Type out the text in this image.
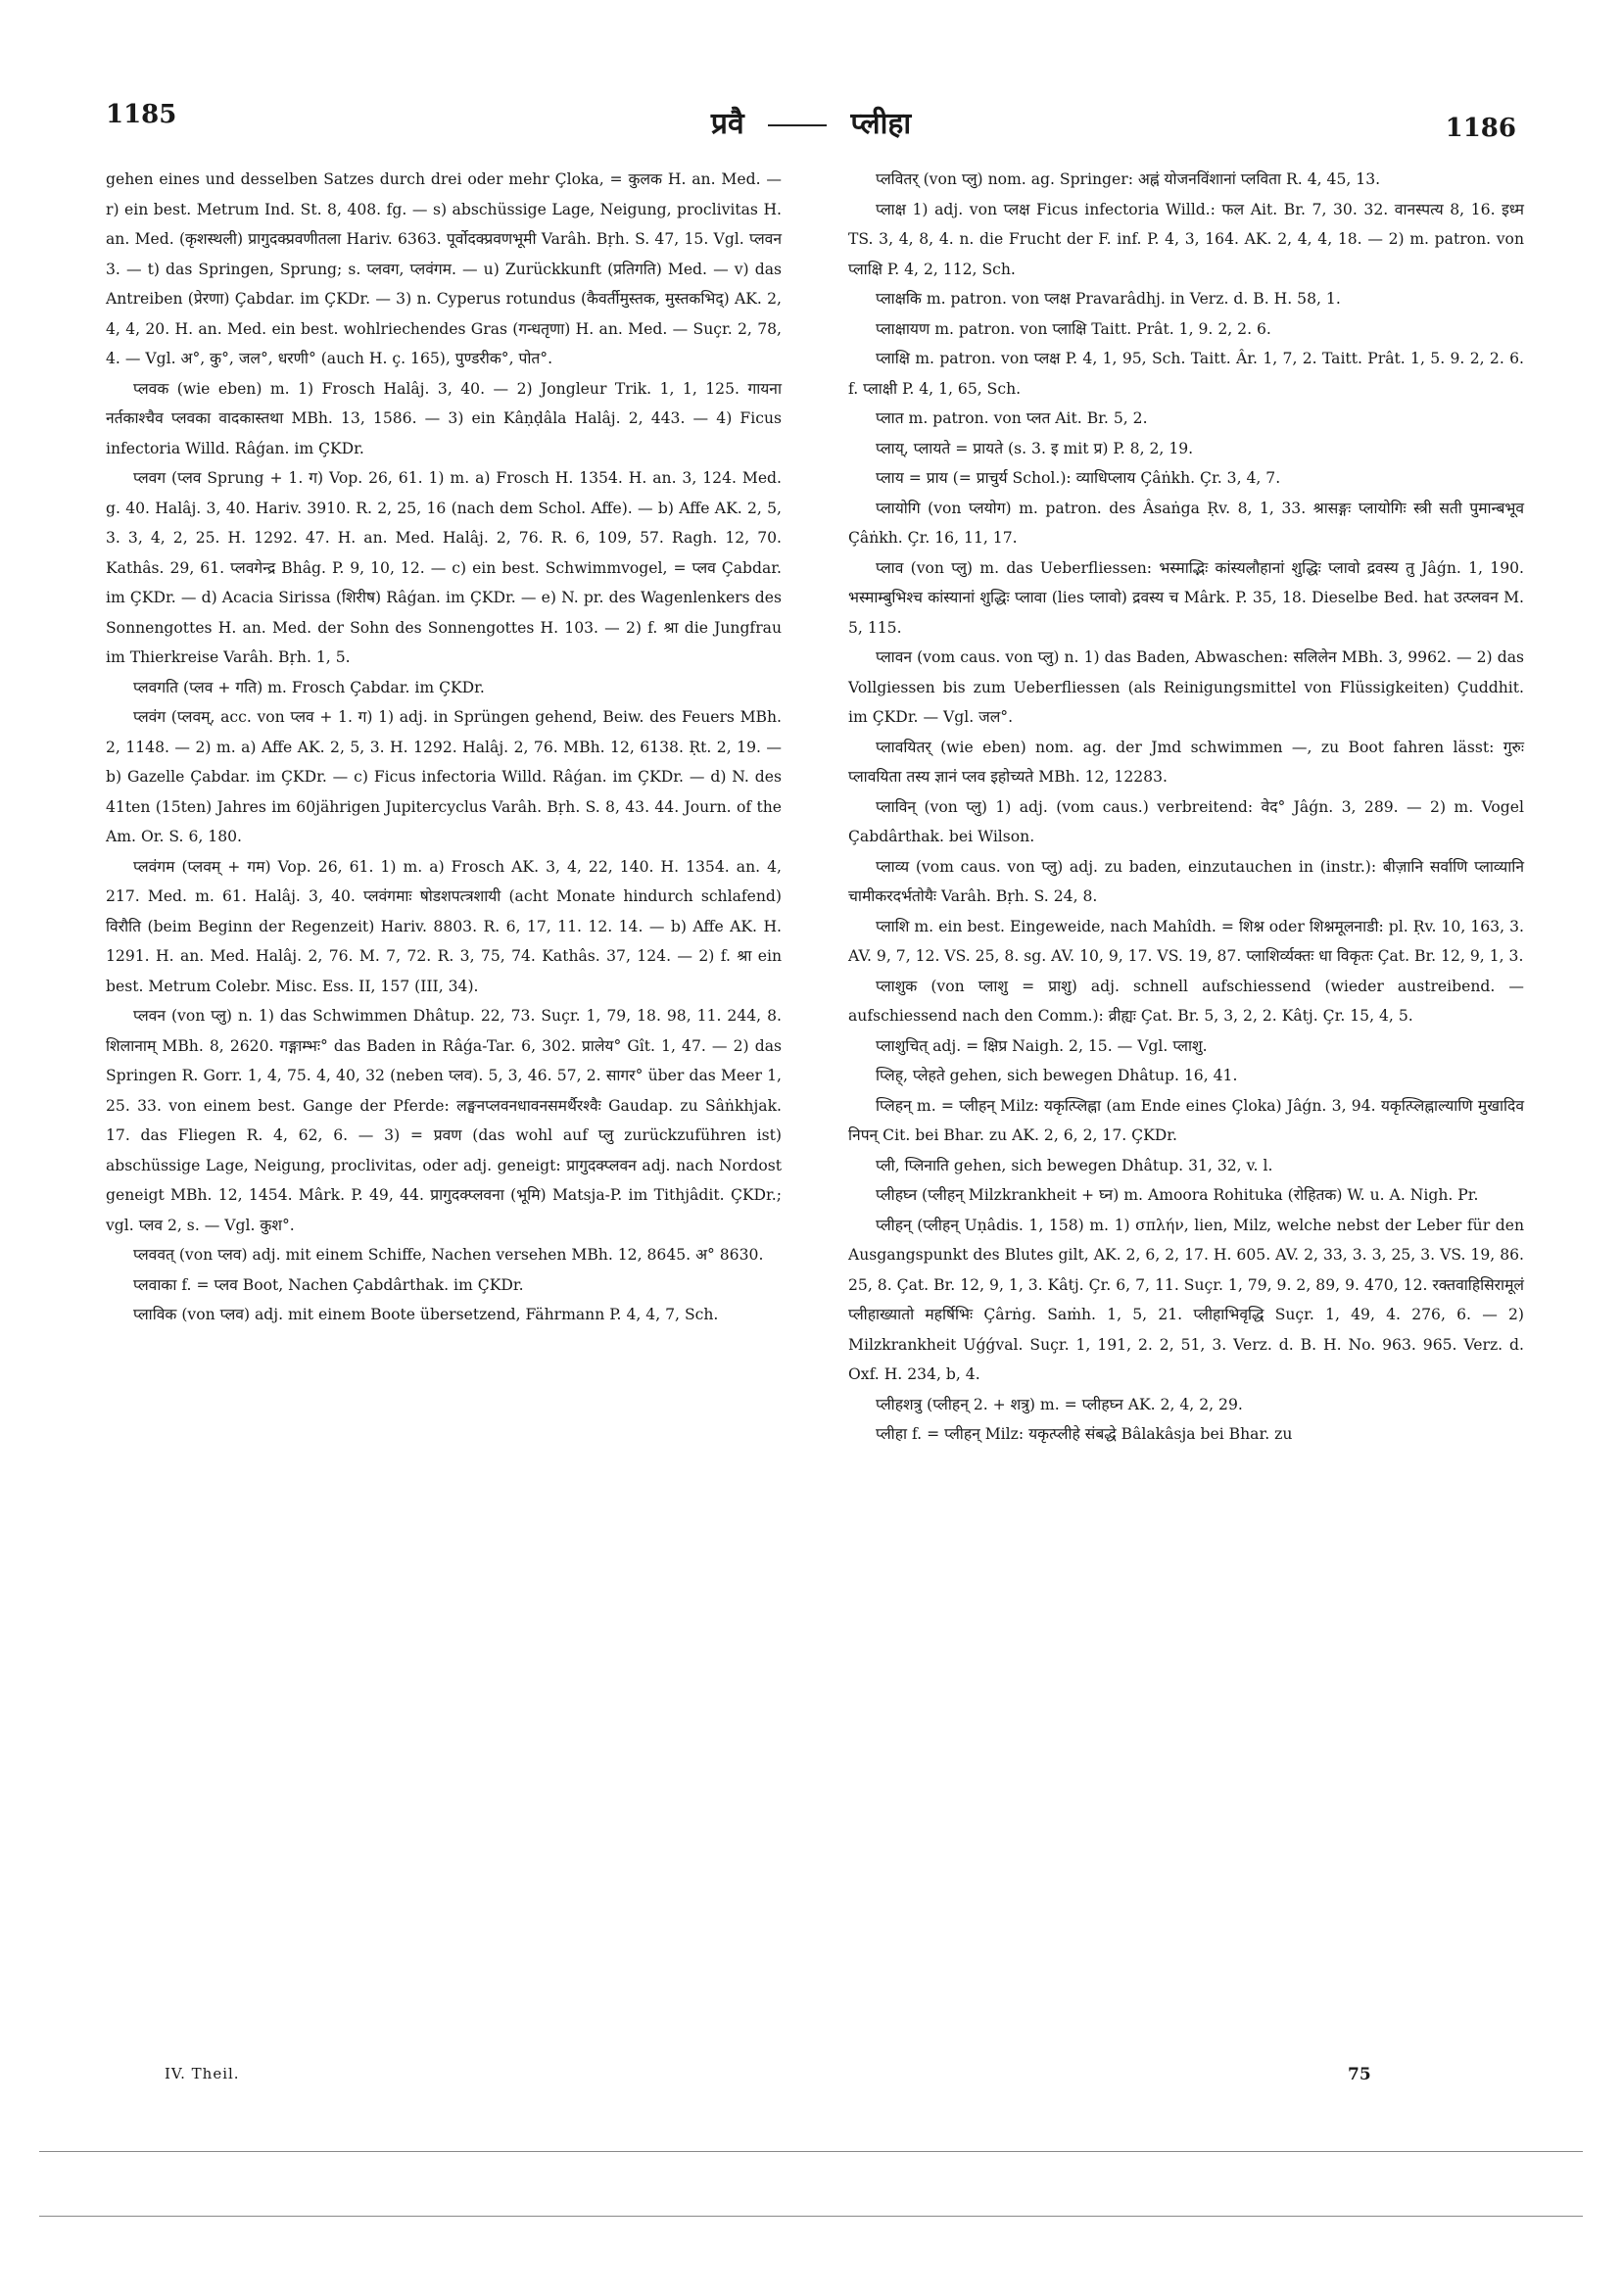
1185	प्रवै	प्लीहा	1186

gehen eines und desselben Satzes durch drei oder mehr Çloka, = कुलक H. an. Med. — r) ein best. Metrum Ind. St. 8, 408. fg. — s) abschüssige Lage, Neigung, proclivitas H. an. Med. (कृशस्थली) प्रागुदक्प्रवणीतला Hariv. 6363. पूर्वोदक्प्रवणभूमी Varâh. Bṛh. S. 47, 15. Vgl. प्लवन 3. — t) das Springen, Sprung; s. प्लवग, प्लवंगम. — u) Zurückkunft (प्रतिगति) Med. — v) das Antreiben (प्रेरणा) Çabdar. im ÇKDr. — 3) n. Cyperus rotundus (कैवर्तीमुस्तक, मुस्तकभिद्) AK. 2, 4, 4, 20. H. an. Med. ein best. wohlriechendes Gras (गन्धतृणा) H. an. Med. — Suçr. 2, 78, 4. — Vgl. अ°, कु°, जल°, धरणी° (auch H. ç. 165), पुण्डरीक°, पोत°.

प्लवक (wie eben) m. 1) Frosch Halâj. 3, 40. — 2) Jongleur Trik. 1, 1, 125. गायना नर्तकाश्चैव प्लवका वादकास्तथा MBh. 13, 1586. — 3) ein Kâṇḍâla Halâj. 2, 443. — 4) Ficus infectoria Willd. Râǵan. im ÇKDr.

प्लवग (प्लव Sprung + 1. ग) Vop. 26, 61. 1) m. a) Frosch H. 1354. H. an. 3, 124. Med. g. 40. Halâj. 3, 40. Hariv. 3910. R. 2, 25, 16 (nach dem Schol. Affe). — b) Affe AK. 2, 5, 3. 3, 4, 2, 25. H. 1292. 47. H. an. Med. Halâj. 2, 76. R. 6, 109, 57. Ragh. 12, 70. Kathâs. 29, 61. प्लवगेन्द्र Bhâg. P. 9, 10, 12. — c) ein best. Schwimmvogel, = प्लव Çabdar. im ÇKDr. — d) Acacia Sirissa (शिरीष) Râǵan. im ÇKDr. — e) N. pr. des Wagenlenkers des Sonnengottes H. an. Med. der Sohn des Sonnengottes H. 103. — 2) f. श्रा die Jungfrau im Thierkreise Varâh. Bṛh. 1, 5.

प्लवगति (प्लव + गति) m. Frosch Çabdar. im ÇKDr.

प्लवंग (प्लवम्, acc. von प्लव + 1. ग) 1) adj. in Sprüngen gehend, Beiw. des Feuers MBh. 2, 1148. — 2) m. a) Affe AK. 2, 5, 3. H. 1292. Halâj. 2, 76. MBh. 12, 6138. Ṛt. 2, 19. — b) Gazelle Çabdar. im ÇKDr. — c) Ficus infectoria Willd. Râǵan. im ÇKDr. — d) N. des 41ten (15ten) Jahres im 60jährigen Jupitercyclus Varâh. Bṛh. S. 8, 43. 44. Journ. of the Am. Or. S. 6, 180.

प्लवंगम (प्लवम् + गम) Vop. 26, 61. 1) m. a) Frosch AK. 3, 4, 22, 140. H. 1354. an. 4, 217. Med. m. 61. Halâj. 3, 40. प्लवंगमाः षोडशपत्त्रशायी (acht Monate hindurch schlafend) विरौति (beim Beginn der Regenzeit) Hariv. 8803. R. 6, 17, 11. 12. 14. — b) Affe AK. H. 1291. H. an. Med. Halâj. 2, 76. M. 7, 72. R. 3, 75, 74. Kathâs. 37, 124. — 2) f. श्रा ein best. Metrum Colebr. Misc. Ess. II, 157 (III, 34).

प्लवन (von प्लु) n. 1) das Schwimmen Dhâtup. 22, 73. Suçr. 1, 79, 18. 98, 11. 244, 8. शिलानाम् MBh. 8, 2620. गङ्गाम्भः° das Baden in Râǵa-Tar. 6, 302. प्रालेय° Gît. 1, 47. — 2) das Springen R. Gorr. 1, 4, 75. 4, 40, 32 (neben प्लव). 5, 3, 46. 57, 2. सागर° über das Meer 1, 25. 33. von einem best. Gange der Pferde: लङ्घनप्लवनधावनसमर्थैरश्वैः Gaudap. zu Sâṅkhjak. 17. das Fliegen R. 4, 62, 6. — 3) = प्रवण (das wohl auf प्लु zurückzuführen ist) abschüssige Lage, Neigung, proclivitas, oder adj. geneigt: प्रागुदक्प्लवन adj. nach Nordost geneigt MBh. 12, 1454. Mârk. P. 49, 44. प्रागुदक्प्लवना (भूमि) Matsja-P. im Tithjâdit. ÇKDr.; vgl. प्लव 2, s. — Vgl. कुश°.

प्लववत् (von प्लव) adj. mit einem Schiffe, Nachen versehen MBh. 12, 8645. अ° 8630.

प्लवाका f. = प्लव Boot, Nachen Çabdârthak. im ÇKDr.

प्लाविक (von प्लव) adj. mit einem Boote übersetzend, Fährmann P. 4, 4, 7, Sch.

प्लवितर् (von प्लु) nom. ag. Springer: अह्नं योजनविंशानां प्लविता R. 4, 45, 13.

प्लाक्ष 1) adj. von प्लक्ष Ficus infectoria Willd.: फल Ait. Br. 7, 30. 32. वानस्पत्य 8, 16. इध्म TS. 3, 4, 8, 4. n. die Frucht der F. inf. P. 4, 3, 164. AK. 2, 4, 4, 18. — 2) m. patron. von प्लाक्षि P. 4, 2, 112, Sch.

प्लाक्षकि m. patron. von प्लक्ष Pravarâdhj. in Verz. d. B. H. 58, 1.

प्लाक्षायण m. patron. von प्लाक्षि Taitt. Prât. 1, 9. 2, 2. 6.

प्लाक्षि m. patron. von प्लक्ष P. 4, 1, 95, Sch. Taitt. Âr. 1, 7, 2. Taitt. Prât. 1, 5. 9. 2, 2. 6. f. प्लाक्षी P. 4, 1, 65, Sch.

प्लात m. patron. von प्लत Ait. Br. 5, 2.

प्लाय्, प्लायते = प्रायते (s. 3. इ mit प्र) P. 8, 2, 19.

प्लाय = प्राय (= प्राचुर्य Schol.): व्याधिप्लाय Çâṅkh. Çr. 3, 4, 7.

प्लायोगि (von प्लयोग) m. patron. des Âsaṅga Ṛv. 8, 1, 33. श्रासङ्गः प्लायोगिः स्त्री सती पुमान्बभूव Çâṅkh. Çr. 16, 11, 17.

प्लाव (von प्लु) m. das Ueberfliessen: भस्माद्भिः कांस्यलौहानां शुद्धिः प्लावो द्रवस्य तु Jâǵn. 1, 190. भस्माम्बुभिश्च कांस्यानां शुद्धिः प्लावा (lies प्लावो) द्रवस्य च Mârk. P. 35, 18. Dieselbe Bed. hat उत्प्लवन M. 5, 115.

प्लावन (vom caus. von प्लु) n. 1) das Baden, Abwaschen: सलिलेन MBh. 3, 9962. — 2) das Vollgiessen bis zum Ueberfliessen (als Reinigungsmittel von Flüssigkeiten) Çuddhit. im ÇKDr. — Vgl. जल°.

प्लावयितर् (wie eben) nom. ag. der Jmd schwimmen —, zu Boot fahren lässt: गुरुः प्लावयिता तस्य ज्ञानं प्लव इहोच्यते MBh. 12, 12283.

प्लाविन् (von प्लु) 1) adj. (vom caus.) verbreitend: वेद° Jâǵn. 3, 289. — 2) m. Vogel Çabdârthak. bei Wilson.

प्लाव्य (vom caus. von प्लु) adj. zu baden, einzutauchen in (instr.): बीज़ानि सर्वाणि प्लाव्यानि चामीकरदर्भतोयैः Varâh. Bṛh. S. 24, 8.

प्लाशि m. ein best. Eingeweide, nach Mahîdh. = शिश्न oder शिश्नमूलनाडी: pl. Ṛv. 10, 163, 3. AV. 9, 7, 12. VS. 25, 8. sg. AV. 10, 9, 17. VS. 19, 87. प्लाशिर्व्यक्तः धा विकृतः Çat. Br. 12, 9, 1, 3.

प्लाशुक (von प्लाशु = प्राशु) adj. schnell aufschiessend (wieder austreibend. — aufschiessend nach den Comm.): व्रीह्यः Çat. Br. 5, 3, 2, 2. Kâtj. Çr. 15, 4, 5.

प्लाशुचित् adj. = क्षिप्र Naigh. 2, 15. — Vgl. प्लाशु.

प्लिह्, प्लेहते gehen, sich bewegen Dhâtup. 16, 41.

प्लिहन् m. = प्लीहन् Milz: यकृत्प्लिह्ना (am Ende eines Çloka) Jâǵn. 3, 94. यकृत्प्लिह्नाल्याणि मुखादिव निपन् Cit. bei Bhar. zu AK. 2, 6, 2, 17. ÇKDr.

प्ली, प्लिनाति gehen, sich bewegen Dhâtup. 31, 32, v. l.

प्लीहघ्न (प्लीहन् Milzkrankheit + घ्न) m. Amoora Rohituka (रोहितक) W. u. A. Nigh. Pr.

प्लीहन् (प्लीहन् Uṇâdis. 1, 158) m. 1) σπλήν, lien, Milz, welche nebst der Leber für den Ausgangspunkt des Blutes gilt, AK. 2, 6, 2, 17. H. 605. AV. 2, 33, 3. 3, 25, 3. VS. 19, 86. 25, 8. Çat. Br. 12, 9, 1, 3. Kâtj. Çr. 6, 7, 11. Suçr. 1, 79, 9. 2, 89, 9. 470, 12. रक्तवाहिसिरामूलं प्लीहाख्यातो महर्षिभिः Çârṅg. Saṁh. 1, 5, 21. प्लीहाभिवृद्धि Suçr. 1, 49, 4. 276, 6. — 2) Milzkrankheit Uǵǵval. Suçr. 1, 191, 2. 2, 51, 3. Verz. d. B. H. No. 963. 965. Verz. d. Oxf. H. 234, b, 4.

प्लीहशत्रु (प्लीहन् 2. + शत्रु) m. = प्लीहघ्न AK. 2, 4, 2, 29.

प्लीहा f. = प्लीहन् Milz: यकृत्प्लीहे संबद्धे Bâlakâsja bei Bhar. zu

IV. Theil.	75
